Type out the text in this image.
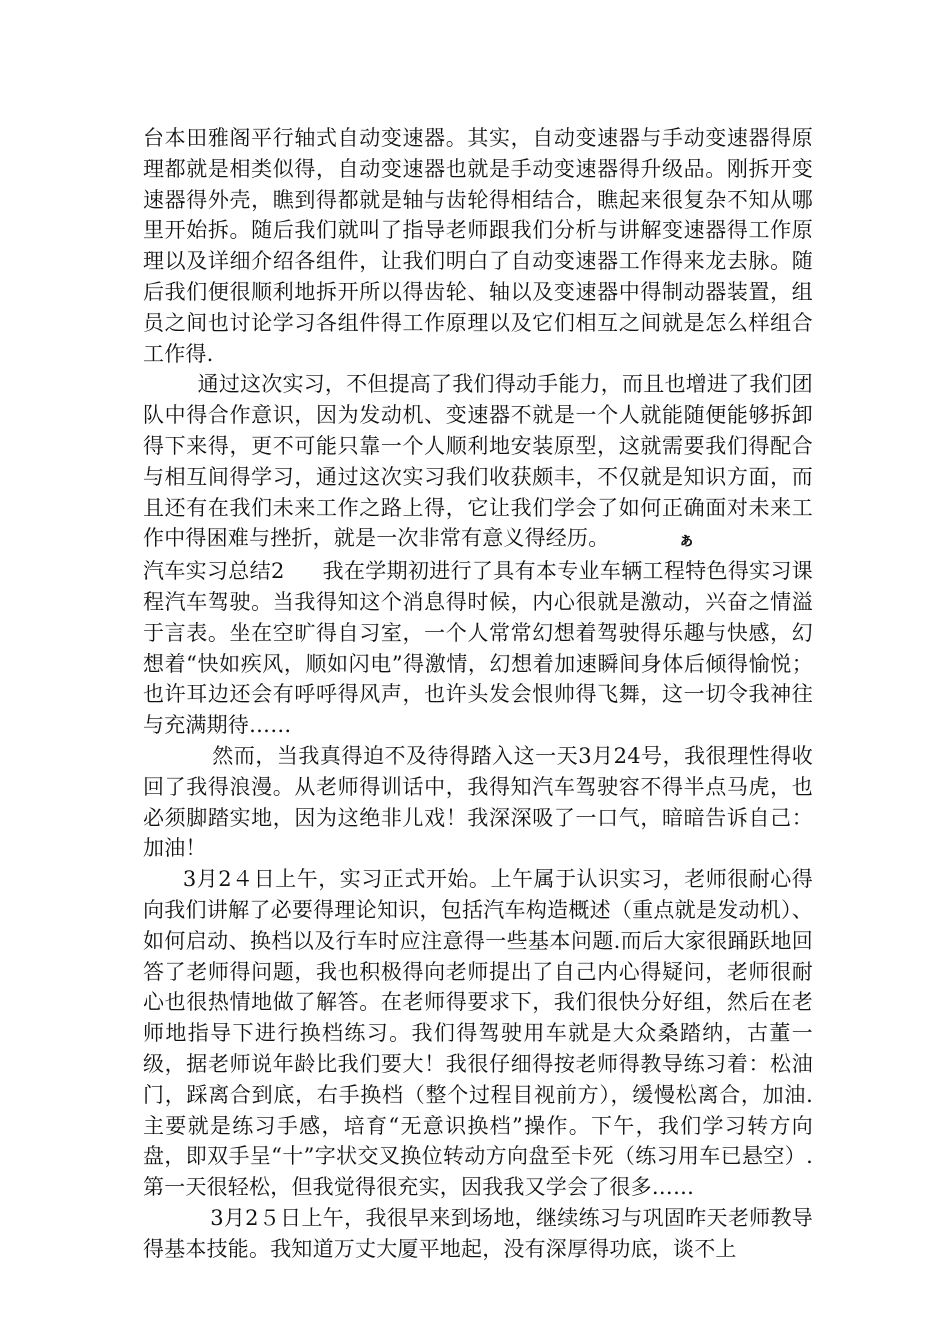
台本田雅阁平行轴式自动变速器。其实，自动变速器与手动变速器得原理都就是相类似得，自动变速器也就是手动变速器得升级品。刚拆开变速器得外壳，瞧到得都就是轴与齿轮得相结合，瞧起来很复杂不知从哪里开始拆。随后我们就叫了指导老师跟我们分析与讲解变速器得工作原理以及详细介绍各组件，让我们明白了自动变速器工作得来龙去脉。随后我们便很顺利地拆开所以得齿轮、轴以及变速器中得制动器装置，组员之间也讨论学习各组件得工作原理以及它们相互之间就是怎么样组合工作得.

通过这次实习，不但提高了我们得动手能力，而且也增进了我们团队中得合作意识，因为发动机、变速器不就是一个人就能随便能够拆卸得下来得，更不可能只靠一个人顺利地安装原型，这就需要我们得配合与相互间得学习，通过这次实习我们收获颇丰，不仅就是知识方面，而且还有在我们未来工作之路上得，它让我们学会了如何正确面对未来工作中得困难与挫折，就是一次非常有意义得经历。	ぁ

汽车实习总结2 我在学期初进行了具有本专业车辆工程特色得实习课程汽车驾驶。当我得知这个消息得时候，内心很就是激动，兴奋之情溢于言表。坐在空旷得自习室，一个人常常幻想着驾驶得乐趣与快感，幻想着“快如疾风，顺如闪电”得激情，幻想着加速瞬间身体后倾得愉悦；也许耳边还会有呼呼得风声，也许头发会恨帅得飞舞，这一切令我神往与充满期待……

然而，当我真得迫不及待得踏入这一天3月24号，我很理性得收回了我得浪漫。从老师得训话中，我得知汽车驾驶容不得半点马虎，也必须脚踏实地，因为这绝非儿戏！我深深吸了一口气，暗暗告诉自己：加油！

3月2４日上午，实习正式开始。上午属于认识实习，老师很耐心得向我们讲解了必要得理论知识，包括汽车构造概述（重点就是发动机）、如何启动、换档以及行车时应注意得一些基本问题.而后大家很踊跃地回答了老师得问题，我也积极得向老师提出了自己内心得疑问，老师很耐心也很热情地做了解答。在老师得要求下，我们很快分好组，然后在老师地指导下进行换档练习。我们得驾驶用车就是大众桑踏纳，古董一级，据老师说年龄比我们要大！我很仔细得按老师得教导练习着：松油门，踩离合到底，右手换档（整个过程目视前方），缓慢松离合，加油.主要就是练习手感，培育“无意识换档”操作。下午，我们学习转方向盘，即双手呈“十”字状交叉换位转动方向盘至卡死（练习用车已悬空）.第一天很轻松，但我觉得很充实，因我我又学会了很多……

3月2５日上午，我很早来到场地，继续练习与巩固昨天老师教导得基本技能。我知道万丈大厦平地起，没有深厚得功底，谈不上
